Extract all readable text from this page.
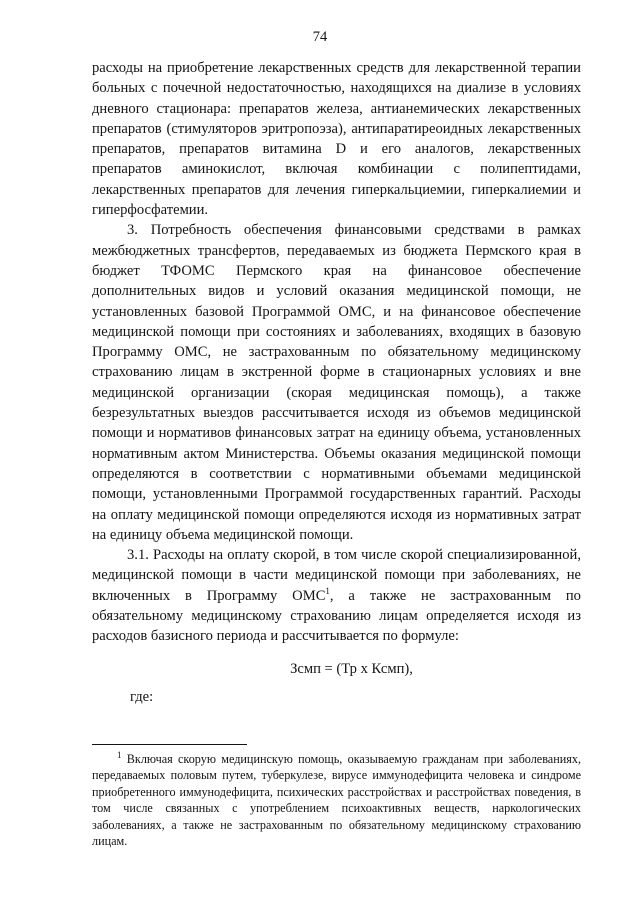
74

расходы на приобретение лекарственных средств для лекарственной терапии больных с почечной недостаточностью, находящихся на диализе в условиях дневного стационара: препаратов железа, антианемических лекарственных препаратов (стимуляторов эритропоэза), антипаратиреоидных лекарственных препаратов, препаратов витамина D и его аналогов, лекарственных препаратов аминокислот, включая комбинации с полипептидами, лекарственных препаратов для лечения гиперкальциемии, гиперкалиемии и гиперфосфатемии.

3. Потребность обеспечения финансовыми средствами в рамках межбюджетных трансфертов, передаваемых из бюджета Пермского края в бюджет ТФОМС Пермского края на финансовое обеспечение дополнительных видов и условий оказания медицинской помощи, не установленных базовой Программой ОМС, и на финансовое обеспечение медицинской помощи при состояниях и заболеваниях, входящих в базовую Программу ОМС, не застрахованным по обязательному медицинскому страхованию лицам в экстренной форме в стационарных условиях и вне медицинской организации (скорая медицинская помощь), а также безрезультатных выездов рассчитывается исходя из объемов медицинской помощи и нормативов финансовых затрат на единицу объема, установленных нормативным актом Министерства. Объемы оказания медицинской помощи определяются в соответствии с нормативными объемами медицинской помощи, установленными Программой государственных гарантий. Расходы на оплату медицинской помощи определяются исходя из нормативных затрат на единицу объема медицинской помощи.

3.1. Расходы на оплату скорой, в том числе скорой специализированной, медицинской помощи в части медицинской помощи при заболеваниях, не включенных в Программу ОМС$^1$, а также не застрахованным по обязательному медицинскому страхованию лицам определяется исходя из расходов базисного периода и рассчитывается по формуле:

Зсмп = (Тр х Ксмп),

где:

$^1$ Включая скорую медицинскую помощь, оказываемую гражданам при заболеваниях, передаваемых половым путем, туберкулезе, вирусе иммунодефицита человека и синдроме приобретенного иммунодефицита, психических расстройствах и расстройствах поведения, в том числе связанных с употреблением психоактивных веществ, наркологических заболеваниях, а также не застрахованным по обязательному медицинскому страхованию лицам.
